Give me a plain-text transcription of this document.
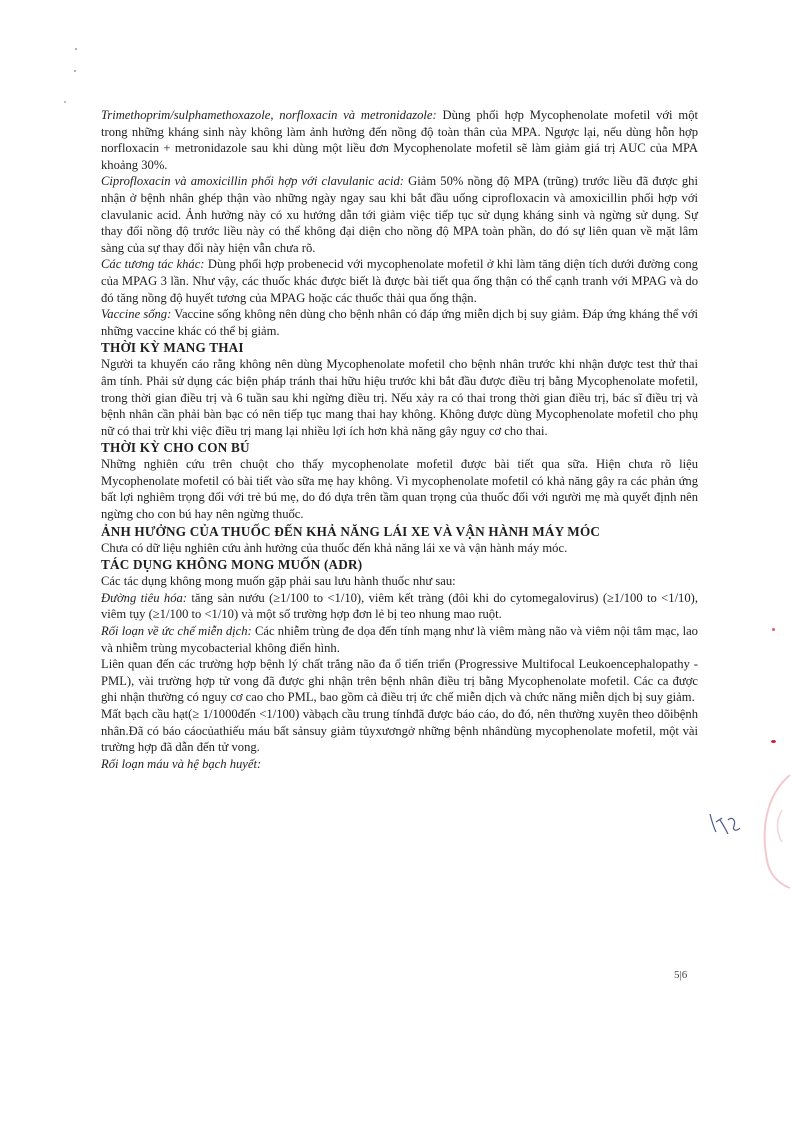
Trimethoprim/sulphamethoxazole, norfloxacin và metronidazole: Dùng phối hợp Mycophenolate mofetil với một trong những kháng sinh này không làm ảnh hưởng đến nồng độ toàn thân của MPA. Ngược lại, nếu dùng hỗn hợp norfloxacin + metronidazole sau khi dùng một liều đơn Mycophenolate mofetil sẽ làm giảm giá trị AUC của MPA khoảng 30%.

Ciprofloxacin và amoxicillin phối hợp với clavulanic acid: Giảm 50% nồng độ MPA (trũng) trước liều đã được ghi nhận ở bệnh nhân ghép thận vào những ngày ngay sau khi bắt đầu uống ciprofloxacin và amoxicillin phối hợp với clavulanic acid. Ảnh hưởng này có xu hướng dẫn tới giảm việc tiếp tục sử dụng kháng sinh và ngừng sử dụng. Sự thay đổi nồng độ trước liều này có thể không đại diện cho nồng độ MPA toàn phần, do đó sự liên quan về mặt lâm sàng của sự thay đổi này hiện vẫn chưa rõ.

Các tương tác khác: Dùng phối hợp probenecid với mycophenolate mofetil ở khỉ làm tăng diện tích dưới đường cong của MPAG 3 lần. Như vậy, các thuốc khác được biết là được bài tiết qua ống thận có thể cạnh tranh với MPAG và do đó tăng nồng độ huyết tương của MPAG hoặc các thuốc thải qua ống thận.

Vaccine sống: Vaccine sống không nên dùng cho bệnh nhân có đáp ứng miễn dịch bị suy giảm. Đáp ứng kháng thể với những vaccine khác có thể bị giảm.

THỜI KỲ MANG THAI

Người ta khuyến cáo rằng không nên dùng Mycophenolate mofetil cho bệnh nhân trước khi nhận được test thử thai âm tính. Phải sử dụng các biện pháp tránh thai hữu hiệu trước khi bắt đầu được điều trị bằng Mycophenolate mofetil, trong thời gian điều trị và 6 tuần sau khi ngừng điều trị. Nếu xảy ra có thai trong thời gian điều trị, bác sĩ điều trị và bệnh nhân cần phải bàn bạc có nên tiếp tục mang thai hay không. Không được dùng Mycophenolate mofetil cho phụ nữ có thai trừ khi việc điều trị mang lại nhiều lợi ích hơn khả năng gây nguy cơ cho thai.

THỜI KỲ CHO CON BÚ

Những nghiên cứu trên chuột cho thấy mycophenolate mofetil được bài tiết qua sữa. Hiện chưa rõ liệu Mycophenolate mofetil có bài tiết vào sữa mẹ hay không. Vì mycophenolate mofetil có khả năng gây ra các phản ứng bất lợi nghiêm trọng đối với trẻ bú mẹ, do đó dựa trên tầm quan trọng của thuốc đối với người mẹ mà quyết định nên ngừng cho con bú hay nên ngừng thuốc.

ẢNH HƯỞNG CỦA THUỐC ĐẾN KHẢ NĂNG LÁI XE VÀ VẬN HÀNH MÁY MÓC

Chưa có dữ liệu nghiên cứu ảnh hưởng của thuốc đến khả năng lái xe và vận hành máy móc.

TÁC DỤNG KHÔNG MONG MUỐN (ADR)

Các tác dụng không mong muốn gặp phải sau lưu hành thuốc như sau:

Đường tiêu hóa: tăng sản nướu (≥1/100 to <1/10), viêm kết tràng (đôi khi do cytomegalovirus) (≥1/100 to <1/10), viêm tụy (≥1/100 to <1/10) và một số trường hợp đơn lẻ bị teo nhung mao ruột.

Rối loạn về ức chế miễn dịch: Các nhiễm trùng đe dọa đến tính mạng như là viêm màng não và viêm nội tâm mạc, lao và nhiễm trùng mycobacterial không điển hình.

Liên quan đến các trường hợp bệnh lý chất trắng não đa ổ tiến triển (Progressive Multifocal Leukoencephalopathy - PML), vài trường hợp tử vong đã được ghi nhận trên bệnh nhân điều trị bằng Mycophenolate mofetil. Các ca được ghi nhận thường có nguy cơ cao cho PML, bao gồm cả điều trị ức chế miễn dịch và chức năng miễn dịch bị suy giảm.

Mất bạch cầu hạt(≥ 1/1000đến <1/100) vàbạch cầu trung tínhđã được báo cáo, do đó, nên thường xuyên theo dõibệnh nhân.Đã có báo cáocủathiếu máu bất sảnsuy giảm tủyxươngở những bệnh nhândùng mycophenolate mofetil, một vài trường hợp đã dẫn đến tử vong.

Rối loạn máu và hệ bạch huyết:

5|6
